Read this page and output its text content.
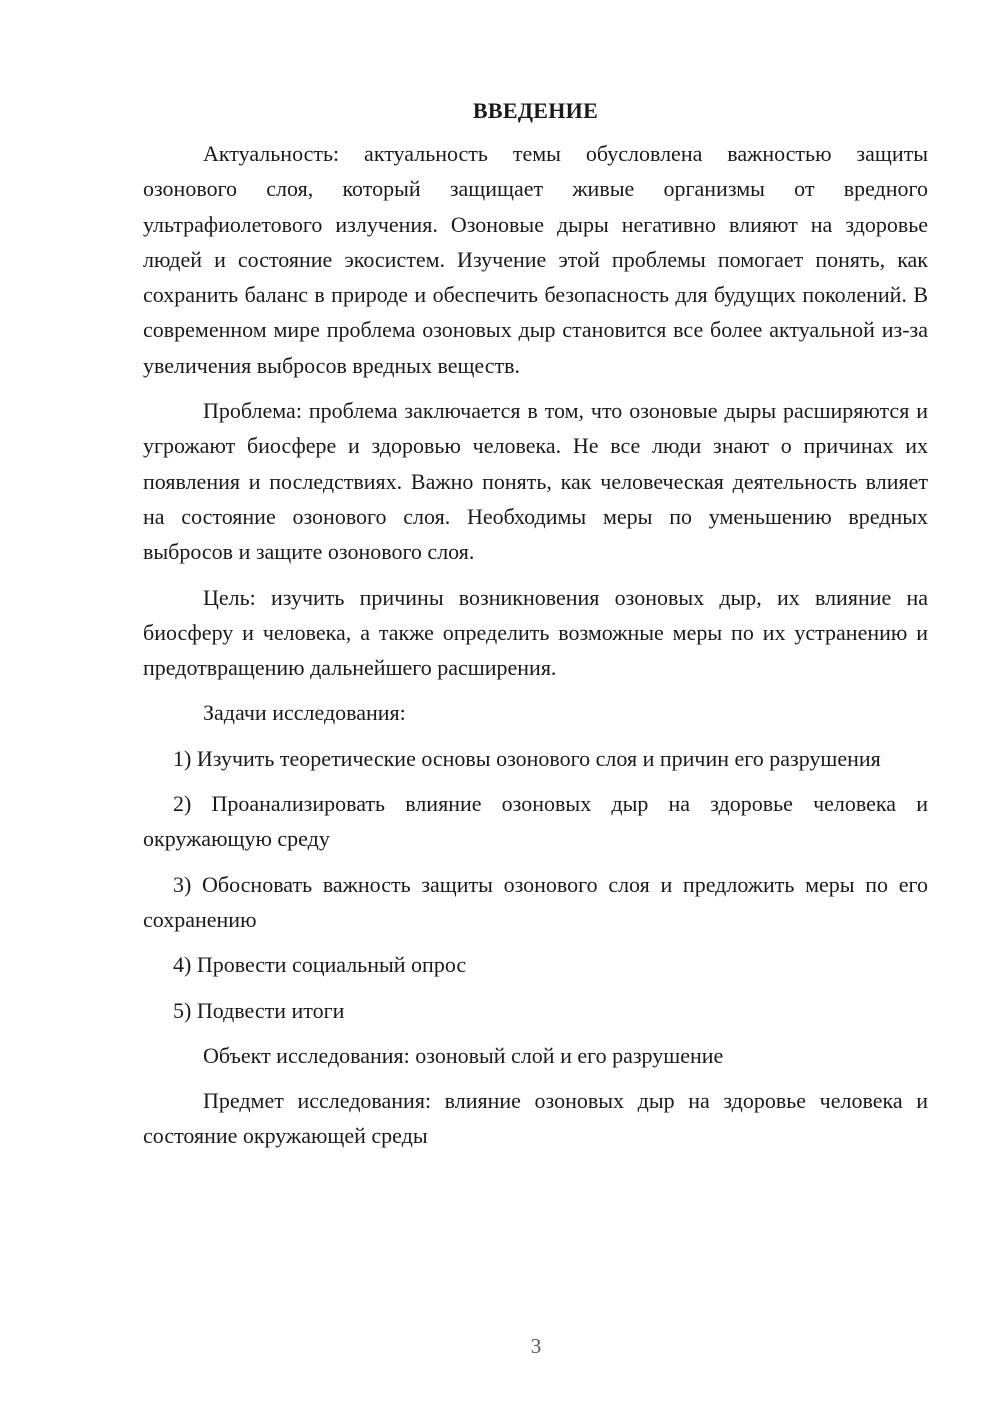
ВВЕДЕНИЕ

Актуальность: актуальность темы обусловлена важностью защиты озонового слоя, который защищает живые организмы от вредного ультрафиолетового излучения. Озоновые дыры негативно влияют на здоровье людей и состояние экосистем. Изучение этой проблемы помогает понять, как сохранить баланс в природе и обеспечить безопасность для будущих поколений. В современном мире проблема озоновых дыр становится все более актуальной из-за увеличения выбросов вредных веществ.

Проблема: проблема заключается в том, что озоновые дыры расширяются и угрожают биосфере и здоровью человека. Не все люди знают о причинах их появления и последствиях. Важно понять, как человеческая деятельность влияет на состояние озонового слоя. Необходимы меры по уменьшению вредных выбросов и защите озонового слоя.

Цель: изучить причины возникновения озоновых дыр, их влияние на биосферу и человека, а также определить возможные меры по их устранению и предотвращению дальнейшего расширения.

Задачи исследования:

1) Изучить теоретические основы озонового слоя и причин его разрушения

2) Проанализировать влияние озоновых дыр на здоровье человека и окружающую среду

3) Обосновать важность защиты озонового слоя и предложить меры по его сохранению

4) Провести социальный опрос

5) Подвести итоги

Объект исследования: озоновый слой и его разрушение

Предмет исследования: влияние озоновых дыр на здоровье человека и состояние окружающей среды

3
